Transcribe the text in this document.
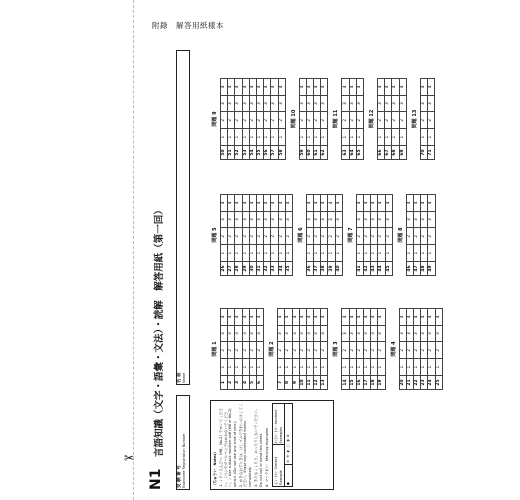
✂
附錄　解答用紙樣本
N1
言語知識（文字・語彙・文法）・読解　解答用紙（第一回）
受 験 番 号 Examinee Registration Number
名 前 Name
〈ちゅうい　Notes〉 1. くろいえんぴつ（HB、No.2）でかいてください。（ペンやボールペンではかかないでください。）Use a black medium soft (HB or No.2) pencil. (Do not use any kind of pen.) 2. かきなおすときは、けしゴムできれいにけしてください。Erase any unintended marks completely. 3. きたなくしたり、おったりしないでください。Do not soil or bend this sheet. 4. マークれい　Marking examples よい れい Correct Example
わるい れい Incorrect Examples
●
⊘ ⦿ ◐ ○ ◑ ⊗
問題 1
1	1	2	3	4
2	1	2	3	4
3	1	2	3	4
4	1	2	3	4
5	1	2	3	4
6	1	2	3	4
問題 2
7	1	2	3	4
8	1	2	3	4
9	1	2	3	4
10	1	2	3	4
11	1	2	3	4
12	1	2	3	4
13	1	2	3	4
問題 3
14	1	2	3	4
15	1	2	3	4
16	1	2	3	4
17	1	2	3	4
18	1	2	3	4
19	1	2	3	4
問題 4
20	1	2	3	4
21	1	2	3	4
22	1	2	3	4
23	1	2	3	4
24	1	2	3	4
25	1	2	3	4
問題 5
26	1	2	3	4
27	1	2	3	4
28	1	2	3	4
29	1	2	3	4
30	1	2	3	4
31	1	2	3	4
32	1	2	3	4
33	1	2	3	4
34	1	2	3	4
35	1	2	3	4
問題 6
36	1	2	3	4
37	1	2	3	4
38	1	2	3	4
39	1	2	3	4
40	1	2	3	4
問題 7
41	1	2	3	4
42	1	2	3	4
43	1	2	3	4
44	1	2	3	4
45	1	2	3	4
問題 8
46	1	2	3	4
47	1	2	3	4
48	1	2	3	4
49	1	2	3	4
問題 9
50	1	2	3	4
51	1	2	3	4
52	1	2	3	4
53	1	2	3	4
54	1	2	3	4
55	1	2	3	4
56	1	2	3	4
57	1	2	3	4
58	1	2	3	4
問題 10
59	1	2	3	4
60	1	2	3	4
61	1	2	3	4
62	1	2	3	4
問題 11
63	1	2	3	4
64	1	2	3	4
65	1	2	3	4
問題 12
66	1	2	3	4
67	1	2	3	4
68	1	2	3	4
69	1	2	3	4
問題 13
70	1	2	3	4
71	1	2	3	4
